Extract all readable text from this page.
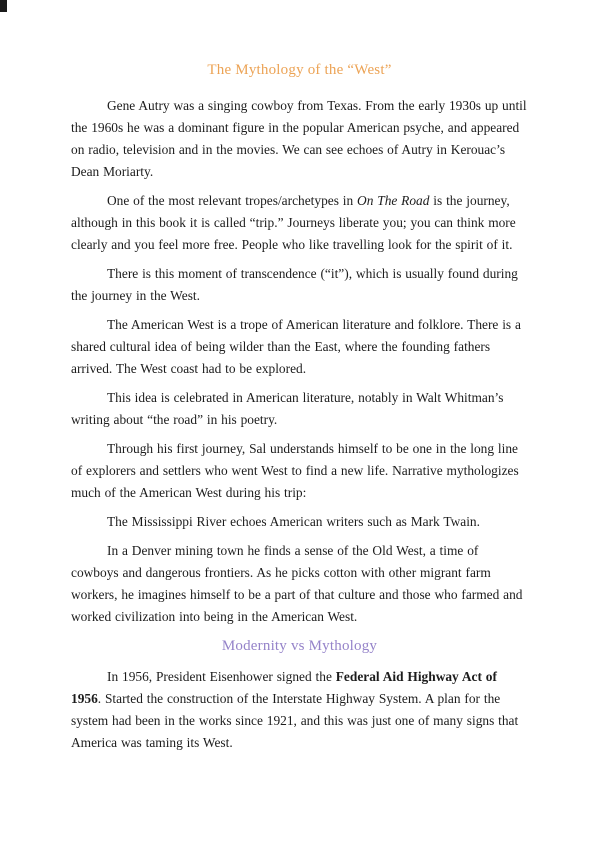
The Mythology of the “West”

Gene Autry was a singing cowboy from Texas. From the early 1930s up until the 1960s he was a dominant figure in the popular American psyche, and appeared on radio, television and in the movies. We can see echoes of Autry in Kerouac’s Dean Moriarty.

One of the most relevant tropes/archetypes in On The Road is the journey, although in this book it is called “trip.” Journeys liberate you; you can think more clearly and you feel more free. People who like travelling look for the spirit of it.

There is this moment of transcendence (“it”), which is usually found during the journey in the West.

The American West is a trope of American literature and folklore. There is a shared cultural idea of being wilder than the East, where the founding fathers arrived. The West coast had to be explored.

This idea is celebrated in American literature, notably in Walt Whitman’s writing about “the road” in his poetry.

Through his first journey, Sal understands himself to be one in the long line of explorers and settlers who went West to find a new life. Narrative mythologizes much of the American West during his trip:

The Mississippi River echoes American writers such as Mark Twain.

In a Denver mining town he finds a sense of the Old West, a time of cowboys and dangerous frontiers. As he picks cotton with other migrant farm workers, he imagines himself to be a part of that culture and those who farmed and worked civilization into being in the American West.

Modernity vs Mythology

In 1956, President Eisenhower signed the Federal Aid Highway Act of 1956. Started the construction of the Interstate Highway System. A plan for the system had been in the works since 1921, and this was just one of many signs that America was taming its West.
